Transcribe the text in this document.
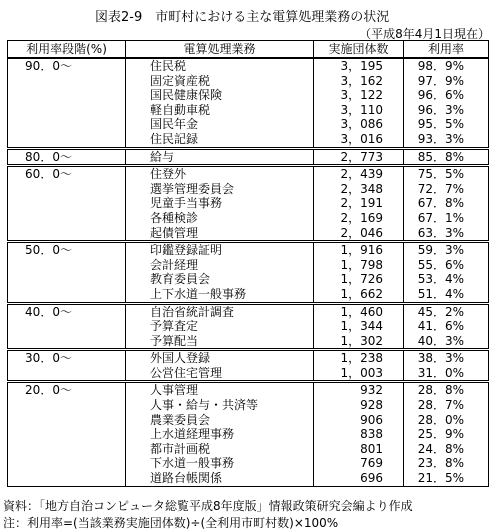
図表2-9　市町村における主な電算処理業務の状況
（平成8年4月1日現在）
利用率段階(%)	電算処理業務	実施団体数	利用率
90．0〜	住民税	3，195	98．9%
	固定資産税	3，162	97．9%
	国民健康保険	3，122	96．6%
	軽自動車税	3，110	96．3%
	国民年金	3，086	95．5%
	住民記録	3，016	93．3%
80．0〜	給与	2，773	85．8%
60．0〜	住登外	2，439	75．5%
	選挙管理委員会	2，348	72．7%
	児童手当事務	2，191	67．8%
	各種検診	2，169	67．1%
	起債管理	2，046	63．3%
50．0〜	印鑑登録証明	1，916	59．3%
	会計経理	1，798	55．6%
	教育委員会	1，726	53．4%
	上下水道一般事務	1，662	51．4%
40．0〜	自治省統計調査	1，460	45．2%
	予算査定	1，344	41．6%
	予算配当	1，302	40．3%
30．0〜	外国人登録	1，238	38．3%
	公営住宅管理	1，003	31．0%
20．0〜	人事管理	932	28．8%
	人事・給与・共済等	928	28．7%
	農業委員会	906	28．0%
	上水道経理事務	838	25．9%
	都市計画税	801	24．8%
	下水道一般事務	769	23．8%
	道路台帳関係	696	21．5%
資料：「地方自治コンピュータ総覧平成8年度版」情報政策研究会編より作成
注：利用率=(当該業務実施団体数)÷(全利用市町村数)×100%
